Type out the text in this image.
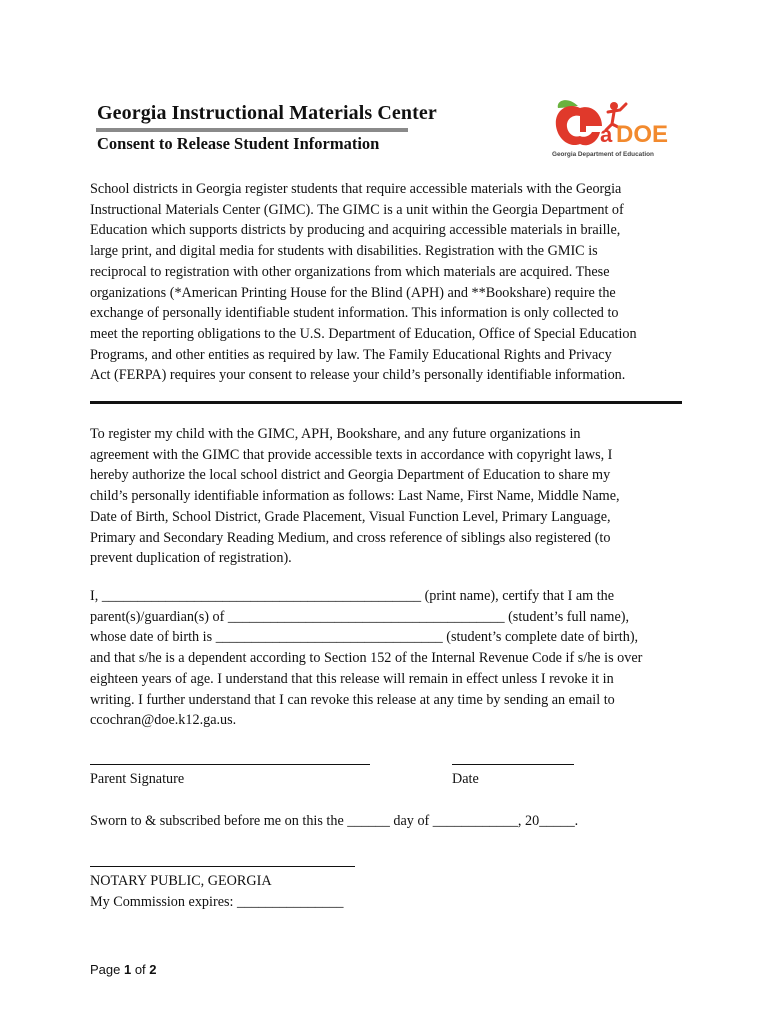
Georgia Instructional Materials Center
Consent to Release Student Information	a DOE
Georgia Department of Education

School districts in Georgia register students that require accessible materials with the Georgia
Instructional Materials Center (GIMC). The GIMC is a unit within the Georgia Department of
Education which supports districts by producing and acquiring accessible materials in braille,
large print, and digital media for students with disabilities. Registration with the GMIC is
reciprocal to registration with other organizations from which materials are acquired. These
organizations (*American Printing House for the Blind (APH) and **Bookshare) require the
exchange of personally identifiable student information. This information is only collected to
meet the reporting obligations to the U.S. Department of Education, Office of Special Education
Programs, and other entities as required by law. The Family Educational Rights and Privacy
Act (FERPA) requires your consent to release your child’s personally identifiable information.

To register my child with the GIMC, APH, Bookshare, and any future organizations in
agreement with the GIMC that provide accessible texts in accordance with copyright laws, I
hereby authorize the local school district and Georgia Department of Education to share my
child’s personally identifiable information as follows: Last Name, First Name, Middle Name,
Date of Birth, School District, Grade Placement, Visual Function Level, Primary Language,
Primary and Secondary Reading Medium, and cross reference of siblings also registered (to
prevent duplication of registration).

I, _____________________________________________ (print name), certify that I am the
parent(s)/guardian(s) of _______________________________________ (student’s full name),
whose date of birth is ________________________________ (student’s complete date of birth),
and that s/he is a dependent according to Section 152 of the Internal Revenue Code if s/he is over
eighteen years of age. I understand that this release will remain in effect unless I revoke it in
writing. I further understand that I can revoke this release at any time by sending an email to
ccochran@doe.k12.ga.us.

Parent Signature	Date
Sworn to & subscribed before me on this the ______ day of ____________, 20_____.
NOTARY PUBLIC, GEORGIA
My Commission expires: _______________
Page 1 of 2
